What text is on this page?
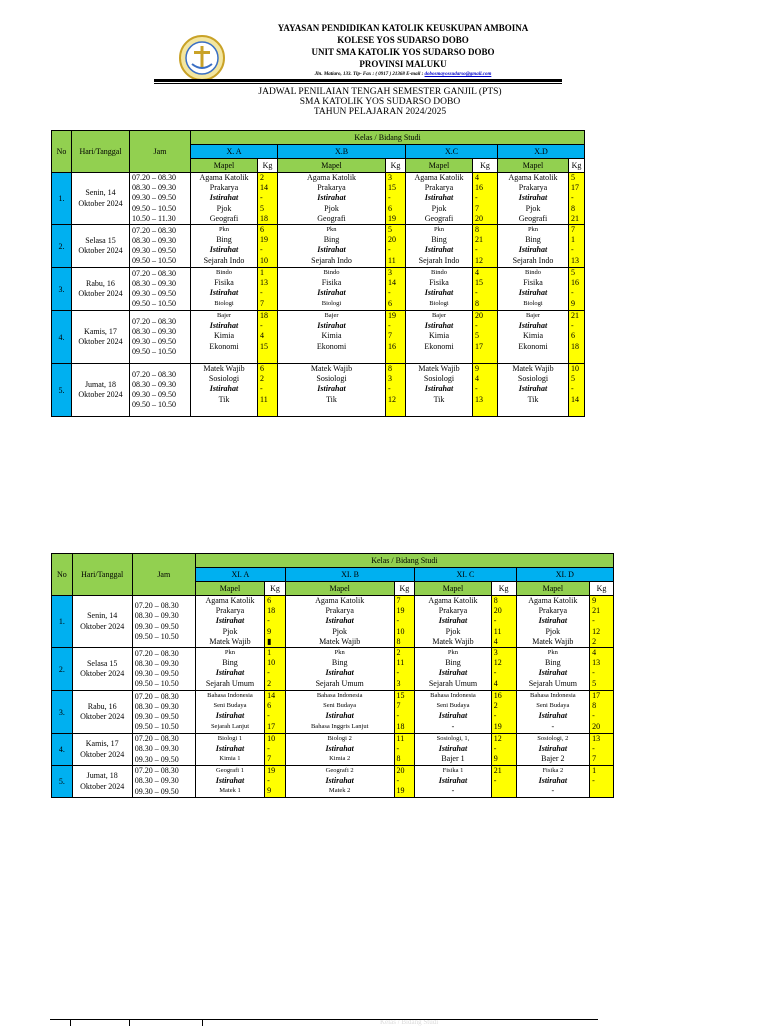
YAYASAN PENDIDIKAN KATOLIK KEUSKUPAN AMBOINA
KOLESE YOS SUDARSO DOBO
UNIT SMA KATOLIK YOS SUDARSO DOBO
PROVINSI MALUKU
Jln. Matiaro, 133. Tlp- Fax : ( 0917 ) 21368 E-mail : dobosmayossudarso@gmail.com
JADWAL PENILAIAN TENGAH SEMESTER GANJIL (PTS)
SMA KATOLIK YOS SUDARSO DOBO
TAHUN PELAJARAN 2024/2025
No	Hari/Tanggal	Jam	Kelas / Bidang Studi							
			X. A		X.B		X.C		X.D	
			Mapel	Kg	Mapel	Kg	Mapel	Kg	Mapel	Kg
1.	Senin, 14
Oktober 2024	07.20 – 08.30
08.30 – 09.30
09.30 – 09.50
09.50 – 10.50
10.50 – 11.30	Agama Katolik
Prakarya
Istirahat
Pjok
Geografi	2
14
-
5
18	Agama Katolik
Prakarya
Istirahat
Pjok
Geografi	3
15
-
6
19	Agama Katolik
Prakarya
Istirahat
Pjok
Geografi	4
16
-
7
20	Agama Katolik
Prakarya
Istirahat
Pjok
Geografi	5
17
-
8
21

2.	Selasa 15
Oktober 2024	07.20 – 08.30
08.30 – 09.30
09.30 – 09.50
09.50 – 10.50	Pkn
Bing
Istirahat
Sejarah Indo	6
19
-
10	Pkn
Bing
Istirahat
Sejarah Indo	5
20
-
11	Pkn
Bing
Istirahat
Sejarah Indo	8
21
-
12	Pkn
Bing
Istirahat
Sejarah Indo	7
1
-
13

3.	Rabu, 16
Oktober 2024	07.20 – 08.30
08.30 – 09.30
09.30 – 09.50
09.50 – 10.50	Bindo
Fisika
Istirahat
Biologi	1
13
-
7	Bindo
Fisika
Istirahat
Biologi	3
14
-
6	Bindo
Fisika
Istirahat
Biologi	4
15
-
8	Bindo
Fisika
Istirahat
Biologi	5
16
-
9

4.	Kamis, 17
Oktober 2024	07.20 – 08.30
08.30 – 09.30
09.30 – 09.50
09.50 – 10.50	Bajer
Istirahat
Kimia
Ekonomi	18
-
4
15	Bajer
Istirahat
Kimia
Ekonomi	19
-
7
16	Bajer
Istirahat
Kimia
Ekonomi	20
-
5
17	Bajer
Istirahat
Kimia
Ekonomi	21
-
6
18

5.	Jumat, 18
Oktober 2024	07.20 – 08.30
08.30 – 09.30
09.30 – 09.50
09.50 – 10.50	Matek Wajib
Sosiologi
Istirahat
Tik	6
2
-
11	Matek Wajib
Sosiologi
Istirahat
Tik	8
3
-
12	Matek Wajib
Sosiologi
Istirahat
Tik	9
4
-
13	Matek Wajib
Sosiologi
Istirahat
Tik	10
5
-
14
No	Hari/Tanggal	Jam	Kelas / Bidang Studi							
			XI. A		XI. B		XI. C		XI. D	
			Mapel	Kg	Mapel	Kg	Mapel	Kg	Mapel	Kg
1.	Senin, 14
Oktober 2024	07.20 – 08.30
08.30 – 09.30
09.30 – 09.50
09.50 – 10.50	Agama Katolik
Prakarya
Istirahat
Pjok
Matek Wajib	6
18
-
9
▮	Agama Katolik
Prakarya
Istirahat
Pjok
Matek Wajib	7
19
-
10
8	Agama Katolik
Prakarya
Istirahat
Pjok
Matek Wajib	8
20
-
11
4	Agama Katolik
Prakarya
Istirahat
Pjok
Matek Wajib	9
21
-
12
2

2.	Selasa 15
Oktober 2024	07.20 – 08.30
08.30 – 09.30
09.30 – 09.50
09.50 – 10.50	Pkn
Bing
Istirahat
Sejarah Umum	1
10
-
2	Pkn
Bing
Istirahat
Sejarah Umum	2
11
-
3	Pkn
Bing
Istirahat
Sejarah Umum	3
12
-
4	Pkn
Bing
Istirahat
Sejarah Umum	4
13
-
5

3.	Rabu, 16
Oktober 2024	07.20 – 08.30
08.30 – 09.30
09.30 – 09.50
09.50 – 10.50	Bahasa Indonesia
Seni Budaya
Istirahat
Sejarah Lanjut	14
6
-
17	Bahasa Indonesia
Seni Budaya
Istirahat
Bahasa Inggris Lanjut	15
7
-
18	Bahasa Indonesia
Seni Budaya
Istirahat
-	16
2
-
19	Bahasa Indonesia
Seni Budaya
Istirahat
-	17
8
-
20

4.	Kamis, 17
Oktober 2024	07.20 – 08.30
08.30 – 09.30
09.30 – 09.50	Biologi 1
Istirahat
Kimia 1	10
-
7	Biologi 2
Istirahat
Kimia 2	11
-
8	Sosiologi, 1,
Istirahat
Bajer 1	12
-
9	Sosiologi, 2
Istirahat
Bajer 2	13
-
7

5.	Jumat, 18
Oktober 2024	07.20 – 08.30
08.30 – 09.30
09.30 – 09.50	Geografi 1
Istirahat
Matek 1	19
-
9	Geografi 2
Istirahat
Matek 2	20
-
19	Fisika 1
Istirahat
-	21
-	Fisika 2
Istirahat
-	1
-
Kelas / Bidang Studi
